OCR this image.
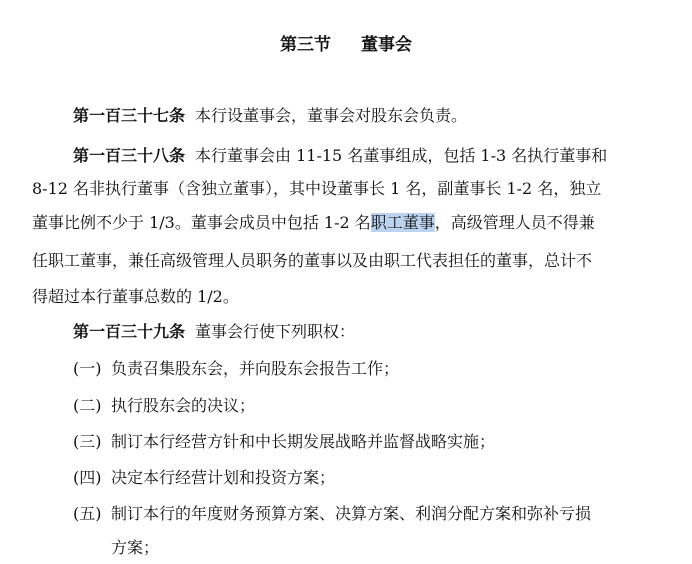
第三节 董事会
第一百三十七条 本行设董事会，董事会对股东会负责。
第一百三十八条 本行董事会由 11-15 名董事组成，包括 1-3 名执行董事和
8-12 名非执行董事（含独立董事），其中设董事长 1 名，副董事长 1-2 名，独立
董事比例不少于 1/3。董事会成员中包括 1-2 名职工董事，高级管理人员不得兼
任职工董事，兼任高级管理人员职务的董事以及由职工代表担任的董事，总计不
得超过本行董事总数的 1/2。
第一百三十九条 董事会行使下列职权：
(一) 负责召集股东会，并向股东会报告工作；
(二) 执行股东会的决议；
(三) 制订本行经营方针和中长期发展战略并监督战略实施；
(四) 决定本行经营计划和投资方案；
(五) 制订本行的年度财务预算方案、决算方案、利润分配方案和弥补亏损
方案；
